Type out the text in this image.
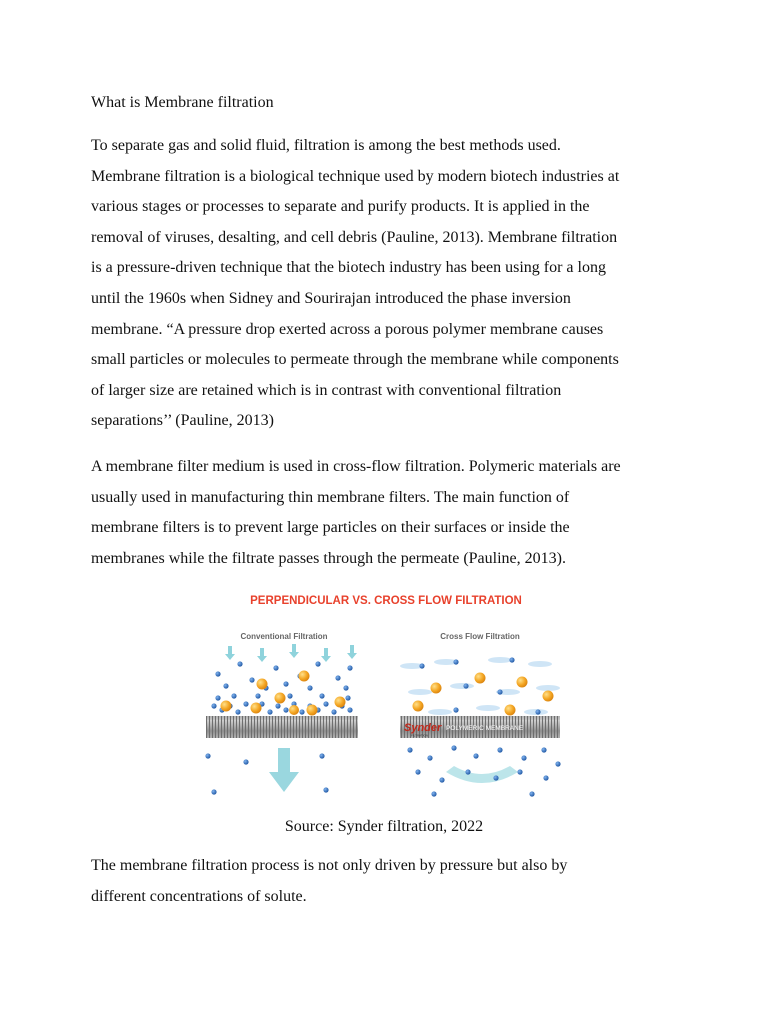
What is Membrane filtration

To separate gas and solid fluid, filtration is among the best methods used.
Membrane filtration is a biological technique used by modern biotech industries at
various stages or processes to separate and purify products. It is applied in the
removal of viruses, desalting, and cell debris (Pauline, 2013). Membrane filtration
is a pressure-driven technique that the biotech industry has been using for a long
until the 1960s when Sidney and Sourirajan introduced the phase inversion
membrane. “A pressure drop exerted across a porous polymer membrane causes
small particles or molecules to permeate through the membrane while components
of larger size are retained which is in contrast with conventional filtration
separations’’ (Pauline, 2013)

A membrane filter medium is used in cross-flow filtration. Polymeric materials are
usually used in manufacturing thin membrane filters. The main function of
membrane filters is to prevent large particles on their surfaces or inside the
membranes while the filtrate passes through the permeate (Pauline, 2013).

PERPENDICULAR VS. CROSS FLOW FILTRATION
Conventional Filtration	Cross Flow Filtration
Synder
FILTRATION
POLYMERIC MEMBRANE
Source: Synder filtration, 2022

The membrane filtration process is not only driven by pressure but also by
different concentrations of solute.
